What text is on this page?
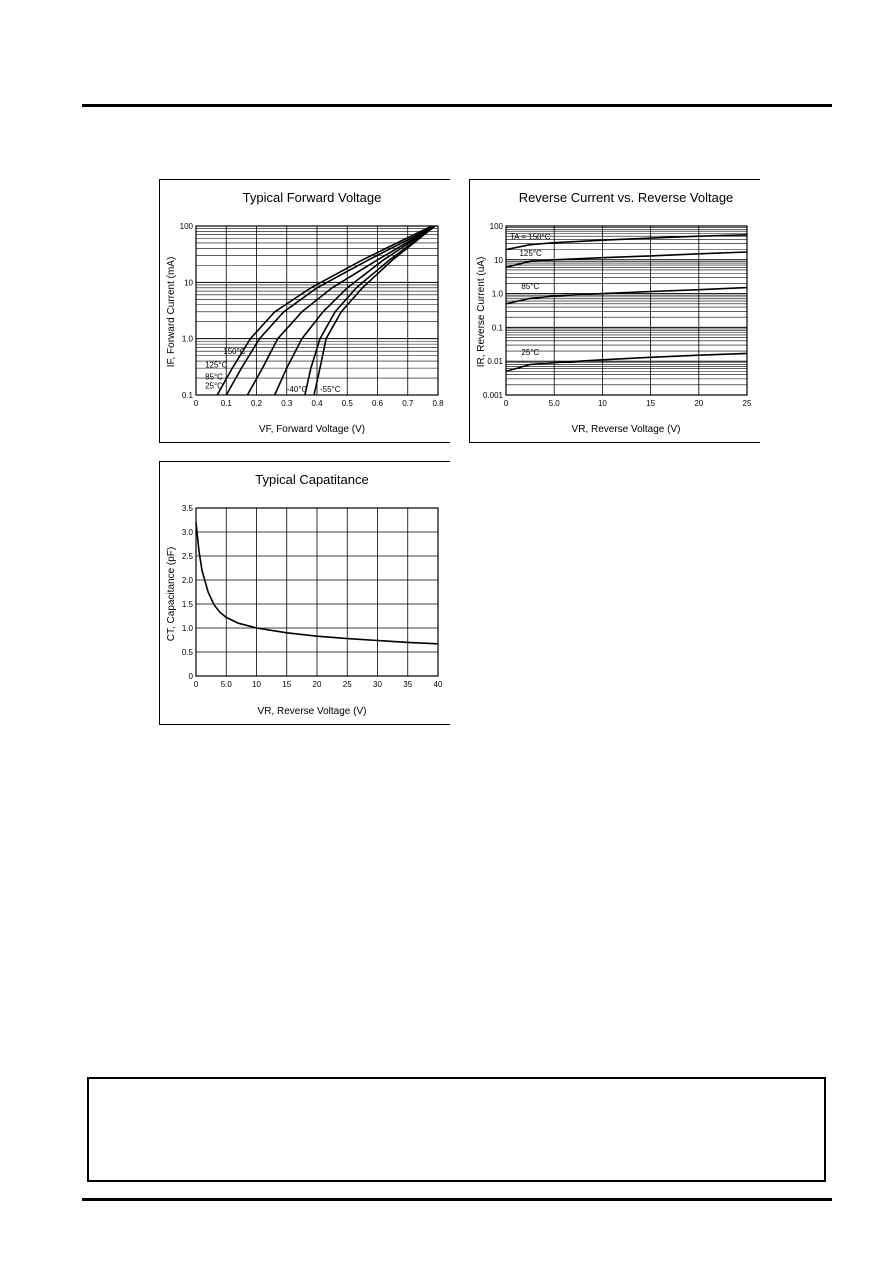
Typical Forward Voltage
VF, Forward Voltage (V)
IF, Forward Current (mA)
0	0.1 0.2 0.3 0.4 0.5 0.6 0.7 0.8
0.1
1.0
10
100
150°C
125°C
85°C
25°C	-40°C -55°C
Reverse Current vs. Reverse Voltage
VR, Reverse Voltage (V)
IR, Reverse Current (uA)
0	5.0	10	15	20	25
0.001
0.01
0.1
1.0
10
100
TA = 150°C
125°C
85°C
25°C
Typical Capatitance
VR, Reverse Voltage (V)
CT, Capacitance (pF)
0	5.0	10	15	20	25	30	35	40
0
0.5
1.0
1.5
2.0
2.5
3.0
3.5
